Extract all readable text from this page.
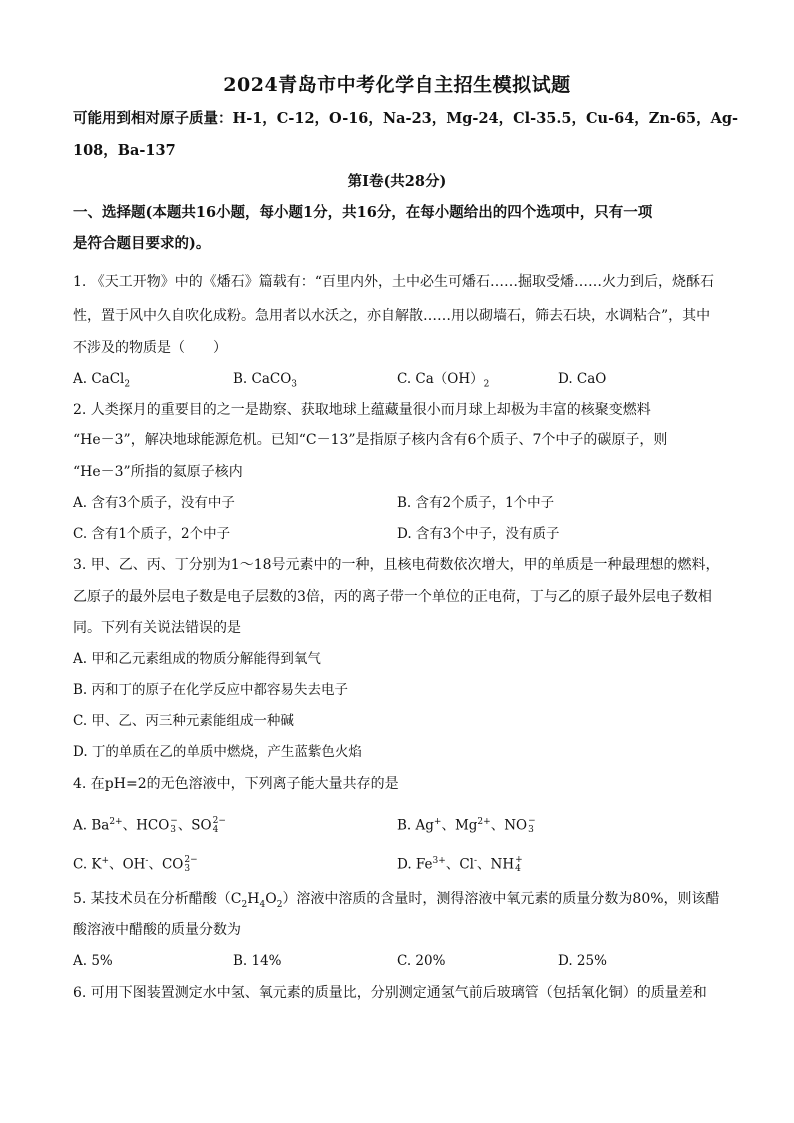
2024青岛市中考化学自主招生模拟试题
可能用到相对原子质量：H-1，C-12，O-16，Na-23，Mg-24，Cl-35.5，Cu-64，Zn-65，Ag-
108，Ba-137
第Ⅰ卷(共28分)
一、选择题(本题共16小题，每小题1分，共16分，在每小题给出的四个选项中，只有一项
是符合题目要求的)。
1. 《天工开物》中的《燔石》篇载有：“百里内外，土中必生可燔石……掘取受燔……火力到后，烧酥石
性，置于风中久自吹化成粉。急用者以水沃之，亦自解散……用以砌墙石，筛去石块，水调粘合”，其中
不涉及的物质是（　　）
A. CaCl$_2$	B. CaCO$_3$	C. $Ca(OH)_2$	D. CaO
2. 人类探月的重要目的之一是勘察、获取地球上蕴藏量很小而月球上却极为丰富的核聚变燃料
“He－3”，解决地球能源危机。已知“C－13”是指原子核内含有6个质子、7个中子的碳原子，则
“He－3”所指的氦原子核内
A. 含有3个质子，没有中子	B. 含有2个质子，1个中子
C. 含有1个质子，2个中子	D. 含有3个中子，没有质子
3. 甲、乙、丙、丁分别为1～18号元素中的一种，且核电荷数依次增大，甲的单质是一种最理想的燃料，
乙原子的最外层电子数是电子层数的3倍，丙的离子带一个单位的正电荷，丁与乙的原子最外层电子数相
同。下列有关说法错误的是
A. 甲和乙元素组成的物质分解能得到氧气
B. 丙和丁的原子在化学反应中都容易失去电子
C. 甲、乙、丙三种元素能组成一种碱
D. 丁的单质在乙的单质中燃烧，产生蓝紫色火焰
4. 在pH=2的无色溶液中，下列离子能大量共存的是
A. $Ba^{2+}$、HCO −
3 、SO 2−
4	B. Ag+、$Mg^{2+}$、NO −
3
C. K+、OH-、CO 2−
3	D. $Fe^{3+}$、Cl-、NH +
4
5. 某技术员在分析醋酸$(C_2H_4O_2)$溶液中溶质的含量时，测得溶液中氧元素的质量分数为80%，则该醋
酸溶液中醋酸的质量分数为
A. 5%	B. 14%	C. 20%	D. 25%
6. 可用下图装置测定水中氢、氧元素的质量比，分别测定通氢气前后玻璃管（包括氧化铜）的质量差和
